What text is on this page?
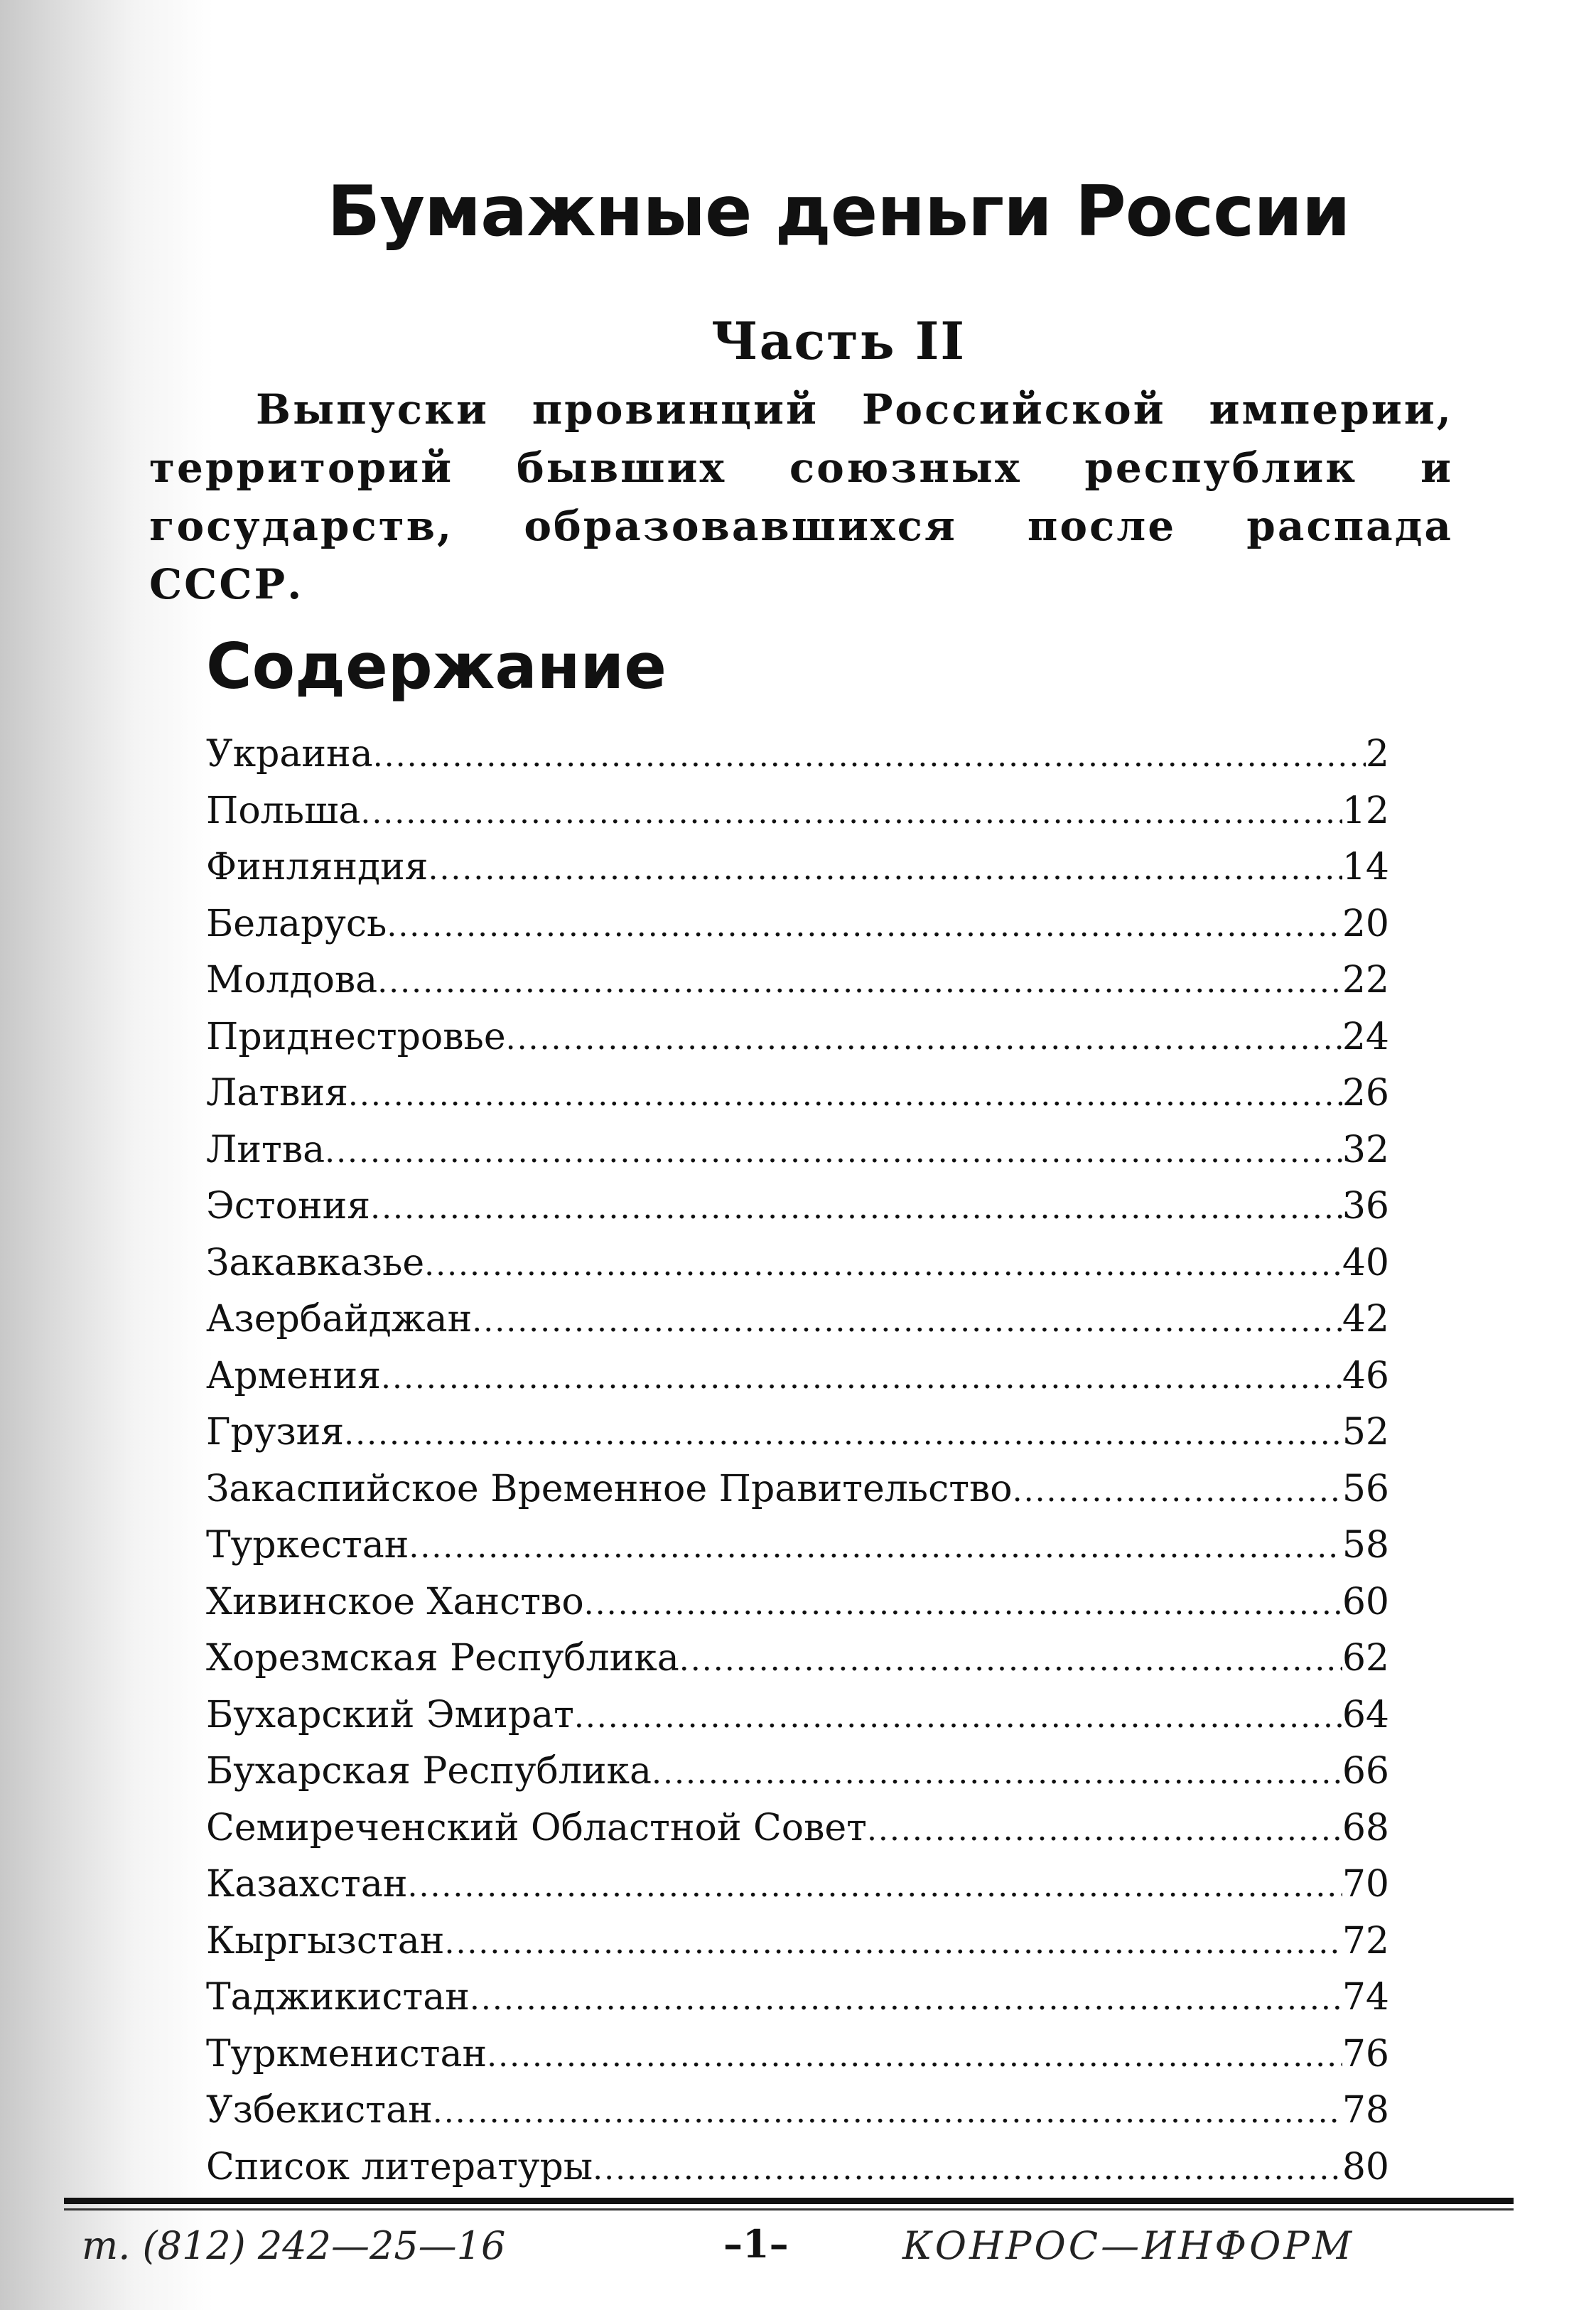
Бумажные деньги России
Часть II

Выпуски провинций Российской империи, территорий бывших союзных республик и государств, образовавшихся после распада СССР.

Содержание
Украина . . .	2
Польша . . .	12
Финляндия . . .	14
Беларусь . . .	20
Молдова . . .	22
Приднестровье . . .	24
Латвия . . .	26
Литва . . .	32
Эстония . . .	36
Закавказье . . .	40
Азербайджан . . .	42
Армения . . .	46
Грузия . . .	52
Закаспийское Временное Правительство . . .	56
Туркестан . . .	58
Хивинское Ханство . . .	60
Хорезмская Республика . . .	62
Бухарский Эмират . . .	64
Бухарская Республика . . .	66
Семиреченский Областной Совет . . .	68
Казахстан . . .	70
Кыргызстан . . .	72
Таджикистан . . .	74
Туркменистан . . .	76
Узбекистан . . .	78
Список литературы . . .	80

т. (812) 242—25—16	–1–	КОНРОС—ИНФОРМ
